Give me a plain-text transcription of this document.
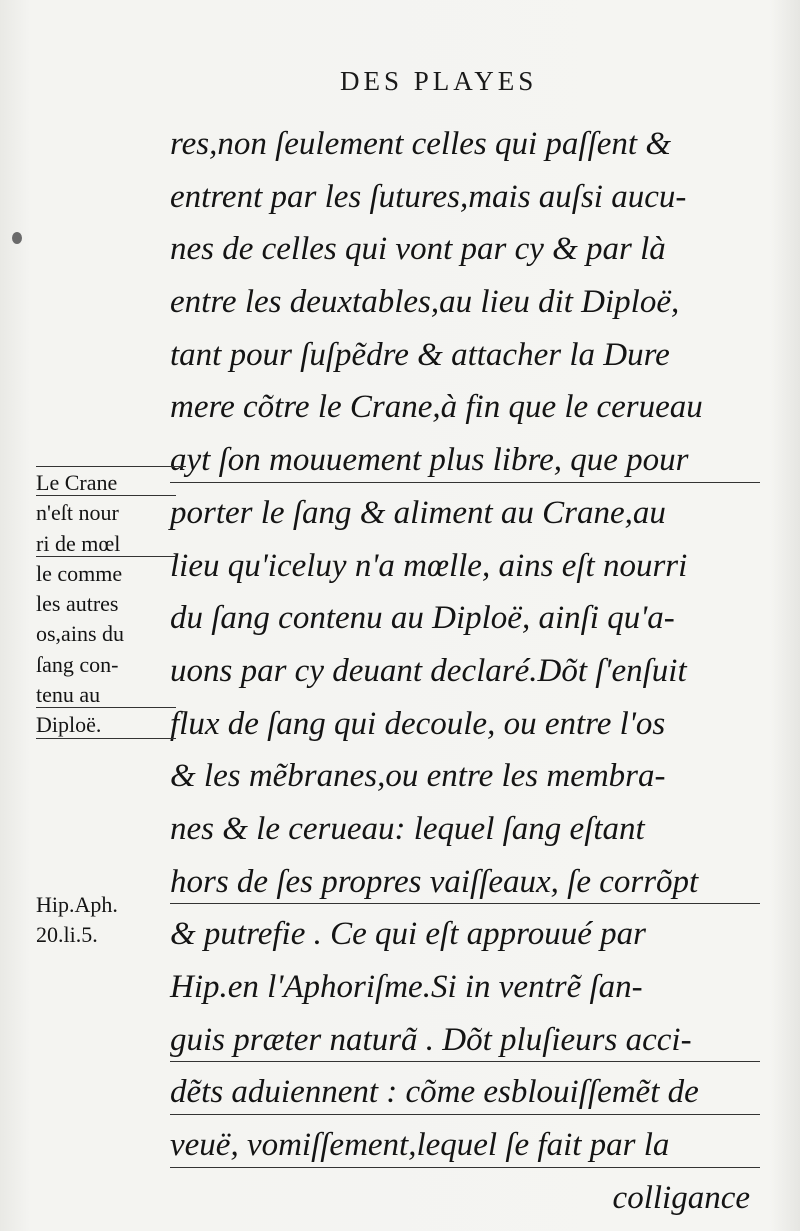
DES PLAYES
res,non ſeulement celles qui paſſent &
entrent par les ſutures,mais auſsi aucu-
nes de celles qui vont par cy & par là
entre les deuxtables,au lieu dit Diploë,
tant pour ſuſpẽdre & attacher la Dure
mere cõtre le Crane,à fin que le cerueau
ayt ſon mouuement plus libre, que pour
porter le ſang & aliment au Crane,au
lieu qu'iceluy n'a mœlle, ains eſt nourri
du ſang contenu au Diploë, ainſi qu'a-
uons par cy deuant declaré.Dõt ſ'enſuit
flux de ſang qui decoule, ou entre l'os
& les mẽbranes,ou entre les membra-
nes & le cerueau: lequel ſang eſtant
hors de ſes propres vaiſſeaux, ſe corrõpt
& putrefie . Ce qui eſt approuué par
Hip.en l'Aphoriſme.Si in ventrẽ ſan-
guis præter naturã . Dõt pluſieurs acci-
dẽts aduiennent : cõme esblouiſſemẽt de
veuë, vomiſſement,lequel ſe fait par la
colligance
Le Crane
n'eſt nour
ri de mœl
le comme
les autres
os,ains du
ſang con-
tenu au
Diploë.
Hip.Aph.
20.li.5.
